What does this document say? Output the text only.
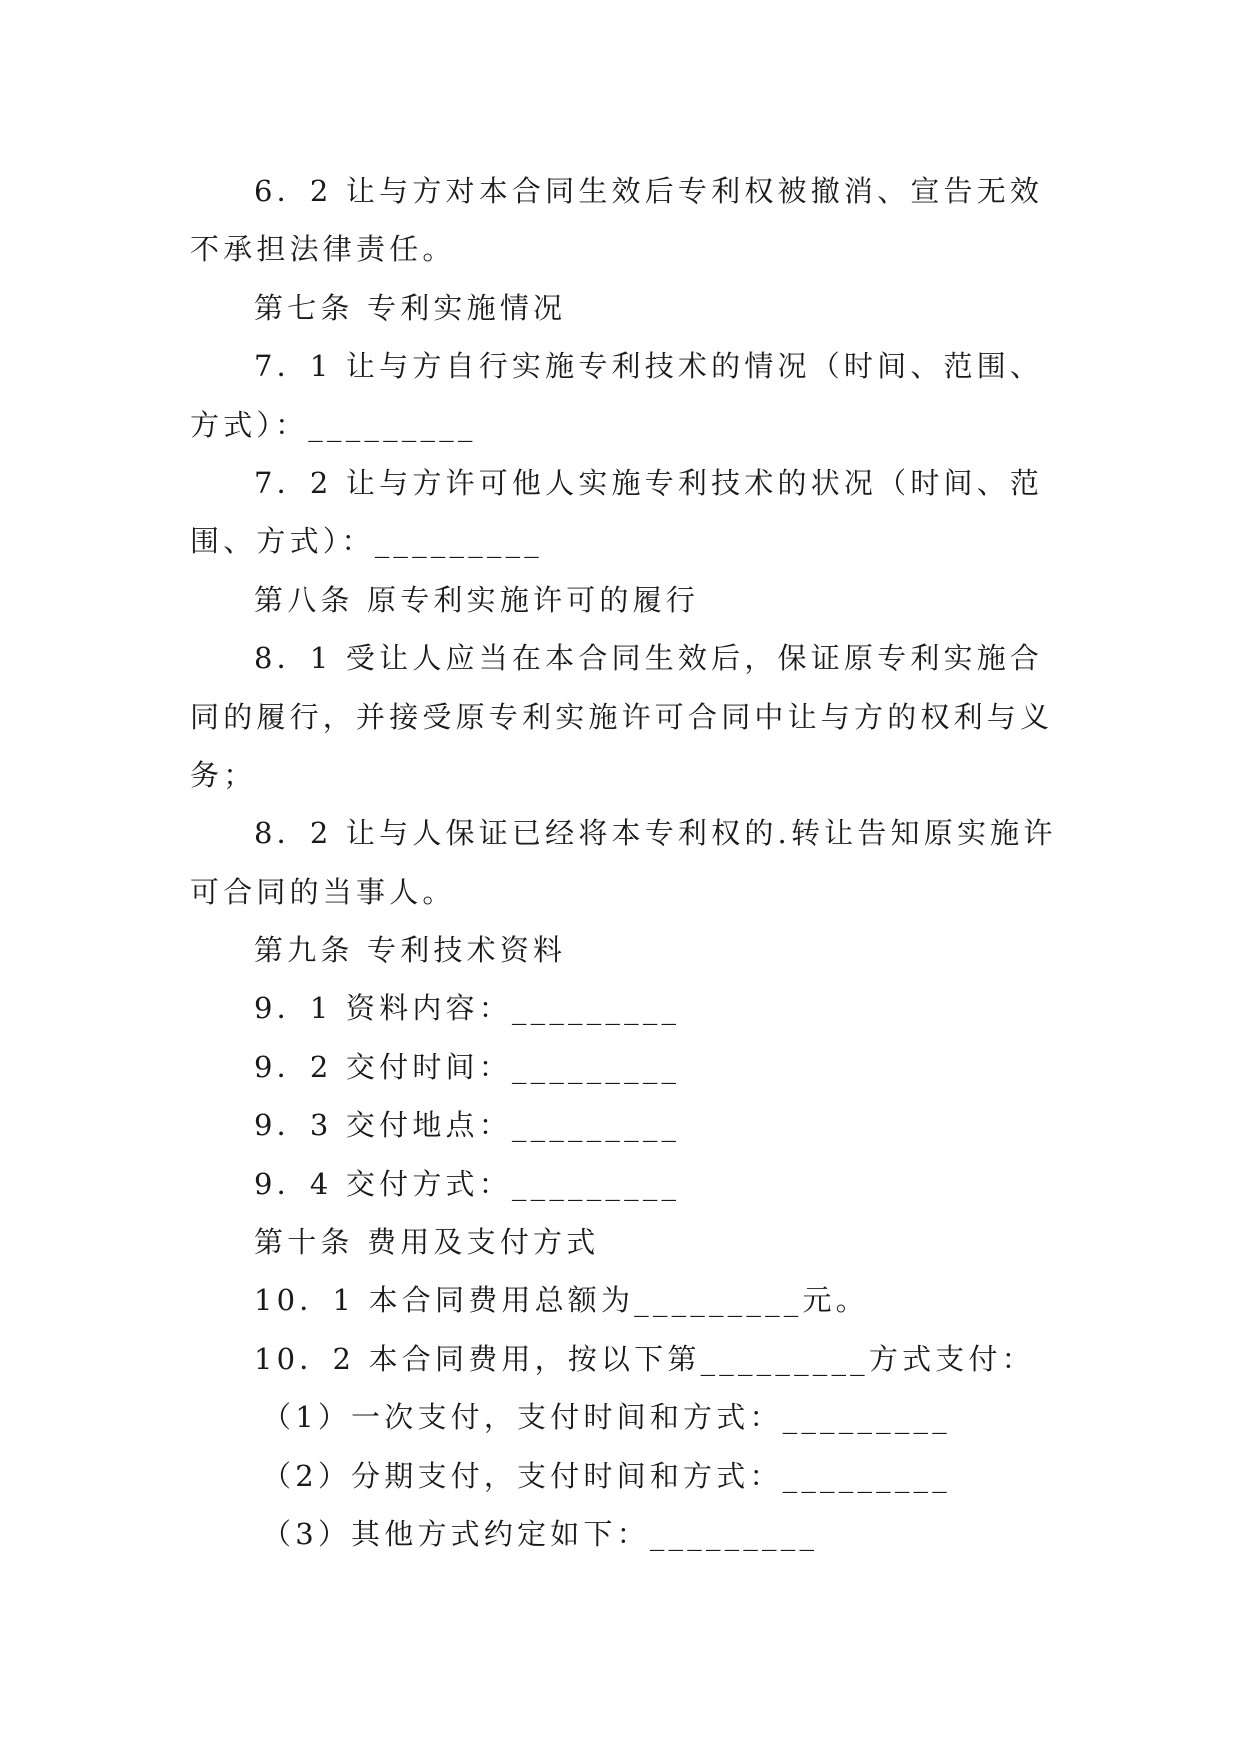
6．2 让与方对本合同生效后专利权被撤消、宣告无效
不承担法律责任。
第七条 专利实施情况
7．1 让与方自行实施专利技术的情况（时间、范围、
方式）：_________
7．2 让与方许可他人实施专利技术的状况（时间、范
围、方式）：_________
第八条 原专利实施许可的履行
8．1 受让人应当在本合同生效后，保证原专利实施合
同的履行，并接受原专利实施许可合同中让与方的权利与义
务；
8．2 让与人保证已经将本专利权的.转让告知原实施许
可合同的当事人。
第九条 专利技术资料
9．1 资料内容：_________
9．2 交付时间：_________
9．3 交付地点：_________
9．4 交付方式：_________
第十条 费用及支付方式
10．1 本合同费用总额为_________元。
10．2 本合同费用，按以下第_________方式支付：
（1）一次支付，支付时间和方式：_________
（2）分期支付，支付时间和方式：_________
（3）其他方式约定如下：_________
